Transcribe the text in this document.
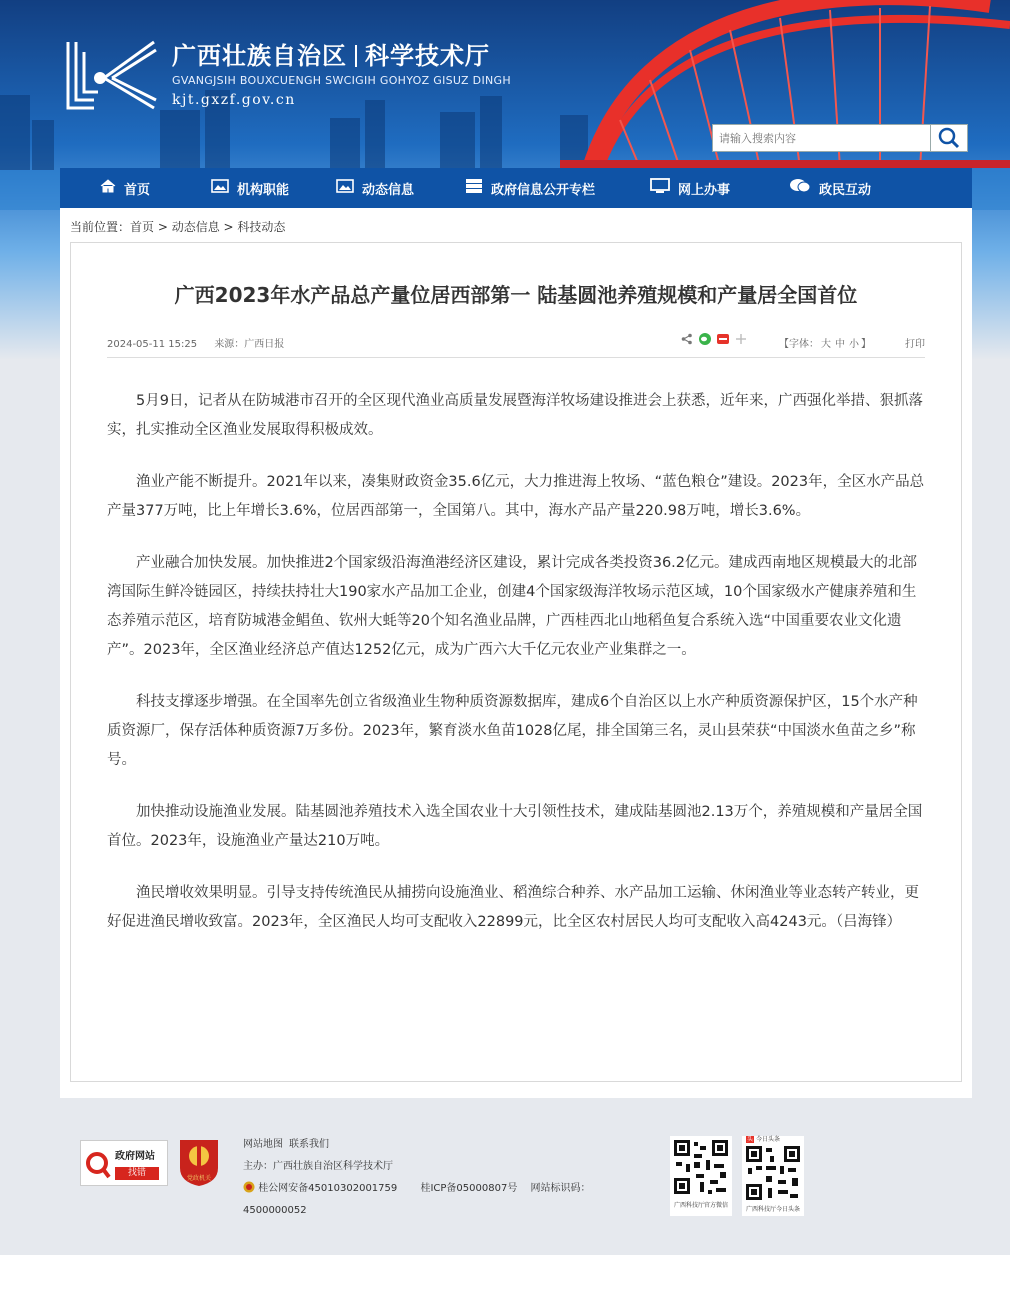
广西壮族自治区 科学技术厅
GVANGJSIH BOUXCUENGH SWCIGIH GOHYOZ GISUZ DINGH
kjt.gxzf.gov.cn
请输入搜索内容
首页	机构职能	动态信息	政府信息公开专栏	网上办事	政民互动
当前位置：首页 > 动态信息 > 科技动态
广西2023年水产品总产量位居西部第一 陆基圆池养殖规模和产量居全国首位
2024-05-11 15:25 来源：广西日报	【字体： 大 中 小 】	打印

5月9日，记者从在防城港市召开的全区现代渔业高质量发展暨海洋牧场建设推进会上获悉，近年来，广西强化举措、狠抓落实，扎实推动全区渔业发展取得积极成效。

渔业产能不断提升。2021年以来，凑集财政资金35.6亿元，大力推进海上牧场、“蓝色粮仓”建设。2023年，全区水产品总产量377万吨，比上年增长3.6%，位居西部第一，全国第八。其中，海水产品产量220.98万吨，增长3.6%。

产业融合加快发展。加快推进2个国家级沿海渔港经济区建设，累计完成各类投资36.2亿元。建成西南地区规模最大的北部湾国际生鲜冷链园区，持续扶持壮大190家水产品加工企业，创建4个国家级海洋牧场示范区域，10个国家级水产健康养殖和生态养殖示范区，培育防城港金鲳鱼、钦州大蚝等20个知名渔业品牌，广西桂西北山地稻鱼复合系统入选“中国重要农业文化遗产”。2023年，全区渔业经济总产值达1252亿元，成为广西六大千亿元农业产业集群之一。

科技支撑逐步增强。在全国率先创立省级渔业生物种质资源数据库，建成6个自治区以上水产种质资源保护区，15个水产种质资源厂，保存活体种质资源7万多份。2023年，繁育淡水鱼苗1028亿尾，排全国第三名，灵山县荣获“中国淡水鱼苗之乡”称号。

加快推动设施渔业发展。陆基圆池养殖技术入选全国农业十大引领性技术，建成陆基圆池2.13万个，养殖规模和产量居全国首位。2023年，设施渔业产量达210万吨。

渔民增收效果明显。引导支持传统渔民从捕捞向设施渔业、稻渔综合种养、水产品加工运输、休闲渔业等业态转产转业，更好促进渔民增收致富。2023年，全区渔民人均可支配收入22899元，比全区农村居民人均可支配收入高4243元。（吕海锋）

政府网站
找错
党政机关
网站地图 联系我们
主办：广西壮族自治区科学技术厅
桂公网安备45010302001759 桂ICP备05000807号 网站标识码：
4500000052	广西科技厅官方微信
头 今日头条
广西科技厅今日头条
